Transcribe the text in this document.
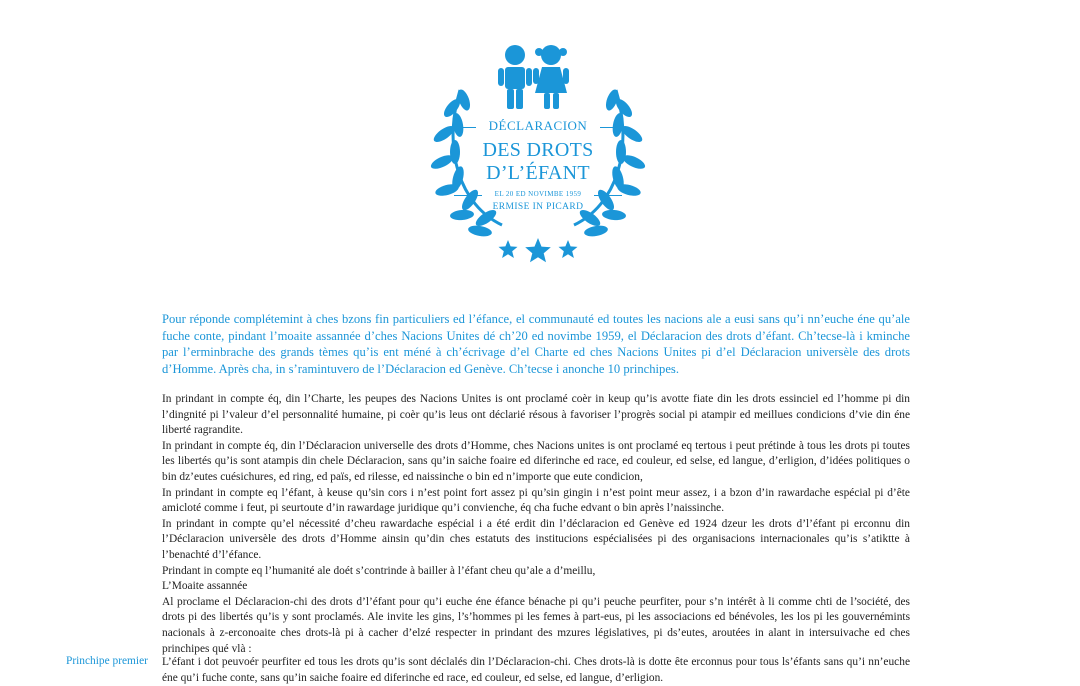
DÉCLARACION
DES DROTS
D’L’ÉFANT
EL 20 ED NOVIMBE 1959
ERMISE IN PICARD

Pour réponde complétemint à ches bzons fin particuliers ed l’éfance, el communauté ed toutes les nacions ale a eusi sans qu’i nn’euche éne qu’ale fuche conte, pindant l’moaite assannée d’ches Nacions Unites dé ch’20 ed novimbe 1959, el Déclaracion des drots d’éfant. Ch’tecse-là i kminche par l’erminbrache des grands tèmes qu’is ent méné à ch’écrivage d’el Charte ed ches Nacions Unites pi d’el Déclaracion universèle des drots d’Homme. Après cha, in s’ramintuvero de l’Déclaracion ed Genève. Ch’tecse i anonche 10 princhipes.

In prindant in compte éq, din l’Charte, les peupes des Nacions Unites is ont proclamé coèr in keup qu’is avotte fiate din les drots essinciel ed l’homme pi din l’dingnité pi l’valeur d’el personnalité humaine, pi coèr qu’is leus ont déclarié résous à favoriser l’progrès social pi atampir ed meillues condicions d’vie din éne liberté ragrandite.

In prindant in compte éq, din l’Déclaracion universelle des drots d’Homme, ches Nacions unites is ont proclamé eq tertous i peut prétinde à tous les drots pi toutes les libertés qu’is sont atampis din chele Déclaracion, sans qu’in saiche foaire ed diferinche ed race, ed couleur, ed selse, ed langue, d’erligion, d’idées politiques o bin dz’eutes cuésichures, ed ring, ed païs, ed rilesse, ed naissinche o bin ed n’importe que eute condicion,

In prindant in compte eq l’éfant, à keuse qu’sin cors i n’est point fort assez pi qu’sin gingin i n’est point meur assez, i a bzon d’in rawardache espécial pi d’ête amicloté comme i feut, pi seurtoute d’in rawardage juridique qu’i convienche, éq cha fuche edvant o bin après l’naissinche.

In prindant in compte qu’el nécessité d’cheu rawardache espécial i a été erdit din l’déclaracion ed Genève ed 1924 dzeur les drots d’l’éfant pi erconnu din l’Déclaracion universèle des drots d’Homme ainsin qu’din ches estatuts des institucions espécialisées pi des organisacions internacionales qu’is s’atiktte à l’benachté d’l’éfance.

Prindant in compte eq l’humanité ale doét s’contrinde à bailler à l’éfant cheu qu’ale a d’meillu,

L’Moaite assannée

Al proclame el Déclaracion-chi des drots d’l’éfant pour qu’i euche éne éfance bénache pi qu’i peuche peurfiter, pour s’n intérêt à li comme chti de l’société, des drots pi des libertés qu’is y sont proclamés. Ale invite les gins, l’s’hommes pi les femes à part-eus, pi les associacions ed bénévoles, les los pi les gouvernémints nacionals à z-erconoaite ches drots-là pi à cacher d’elzé respecter in prindant des mzures législatives, pi ds’eutes, aroutées in alant in intersuivache ed ches princhipes qué vlà :

Princhipe premier	L’éfant i dot peuvoér peurfiter ed tous les drots qu’is sont déclalés din l’Déclaracion-chi. Ches drots-là is dotte ête erconnus pour tous ls’éfants sans qu’i nn’euche éne qu’i fuche conte, sans qu’in saiche foaire ed diferinche ed race, ed couleur, ed selse, ed langue, d’erligion.
